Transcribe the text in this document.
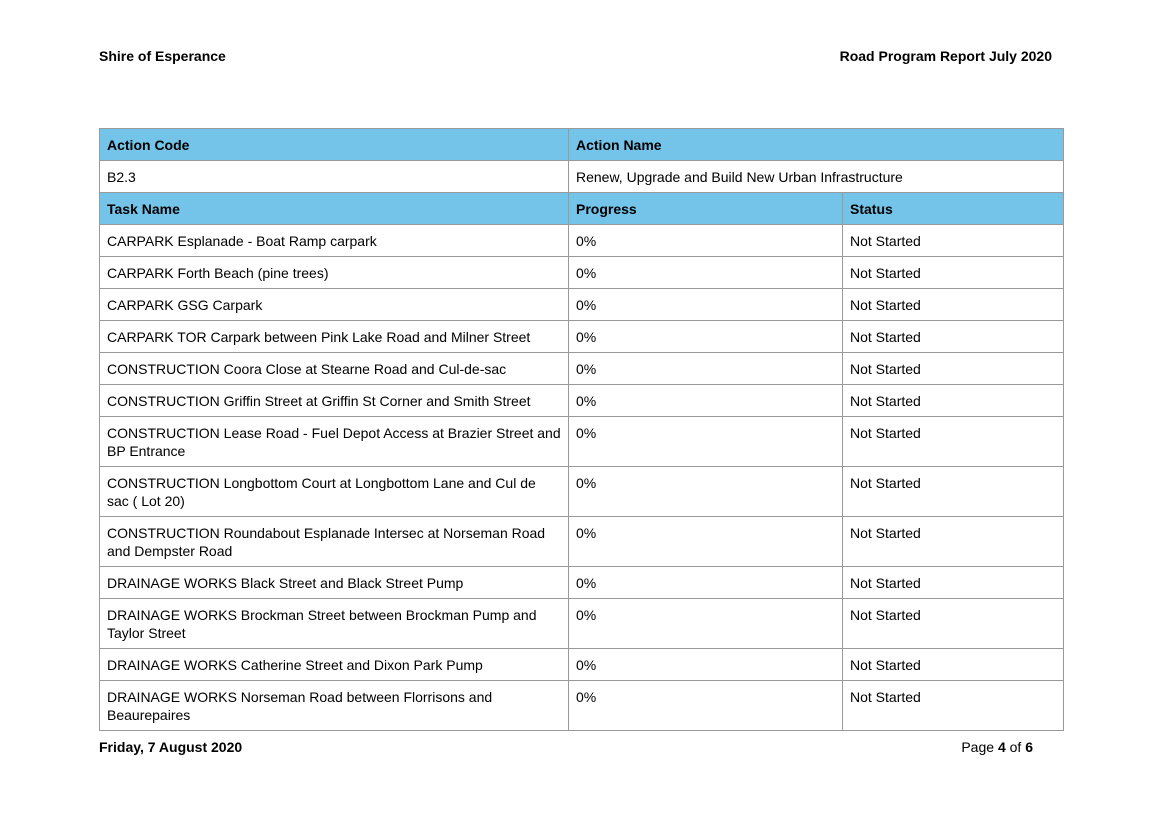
Shire of Esperance	Road Program Report July 2020
Action Code	Action Name	
B2.3	Renew, Upgrade and Build New Urban Infrastructure	
Task Name	Progress	Status
CARPARK Esplanade - Boat Ramp carpark	0%	Not Started
CARPARK Forth Beach (pine trees)	0%	Not Started
CARPARK GSG Carpark	0%	Not Started
CARPARK TOR Carpark between Pink Lake Road and Milner Street	0%	Not Started
CONSTRUCTION Coora Close at Stearne Road and Cul-de-sac	0%	Not Started
CONSTRUCTION Griffin Street at Griffin St Corner and Smith Street	0%	Not Started
CONSTRUCTION Lease Road - Fuel Depot Access at Brazier Street and BP Entrance	0%	Not Started
CONSTRUCTION Longbottom Court at Longbottom Lane and Cul de sac ( Lot 20)	0%	Not Started
CONSTRUCTION Roundabout Esplanade Intersec at Norseman Road and Dempster Road	0%	Not Started
DRAINAGE WORKS Black Street and Black Street Pump	0%	Not Started
DRAINAGE WORKS Brockman Street between Brockman Pump and Taylor Street	0%	Not Started
DRAINAGE WORKS Catherine Street and Dixon Park Pump	0%	Not Started
DRAINAGE WORKS Norseman Road between Florrisons and Beaurepaires	0%	Not Started
Friday, 7 August 2020	Page 4 of 6
